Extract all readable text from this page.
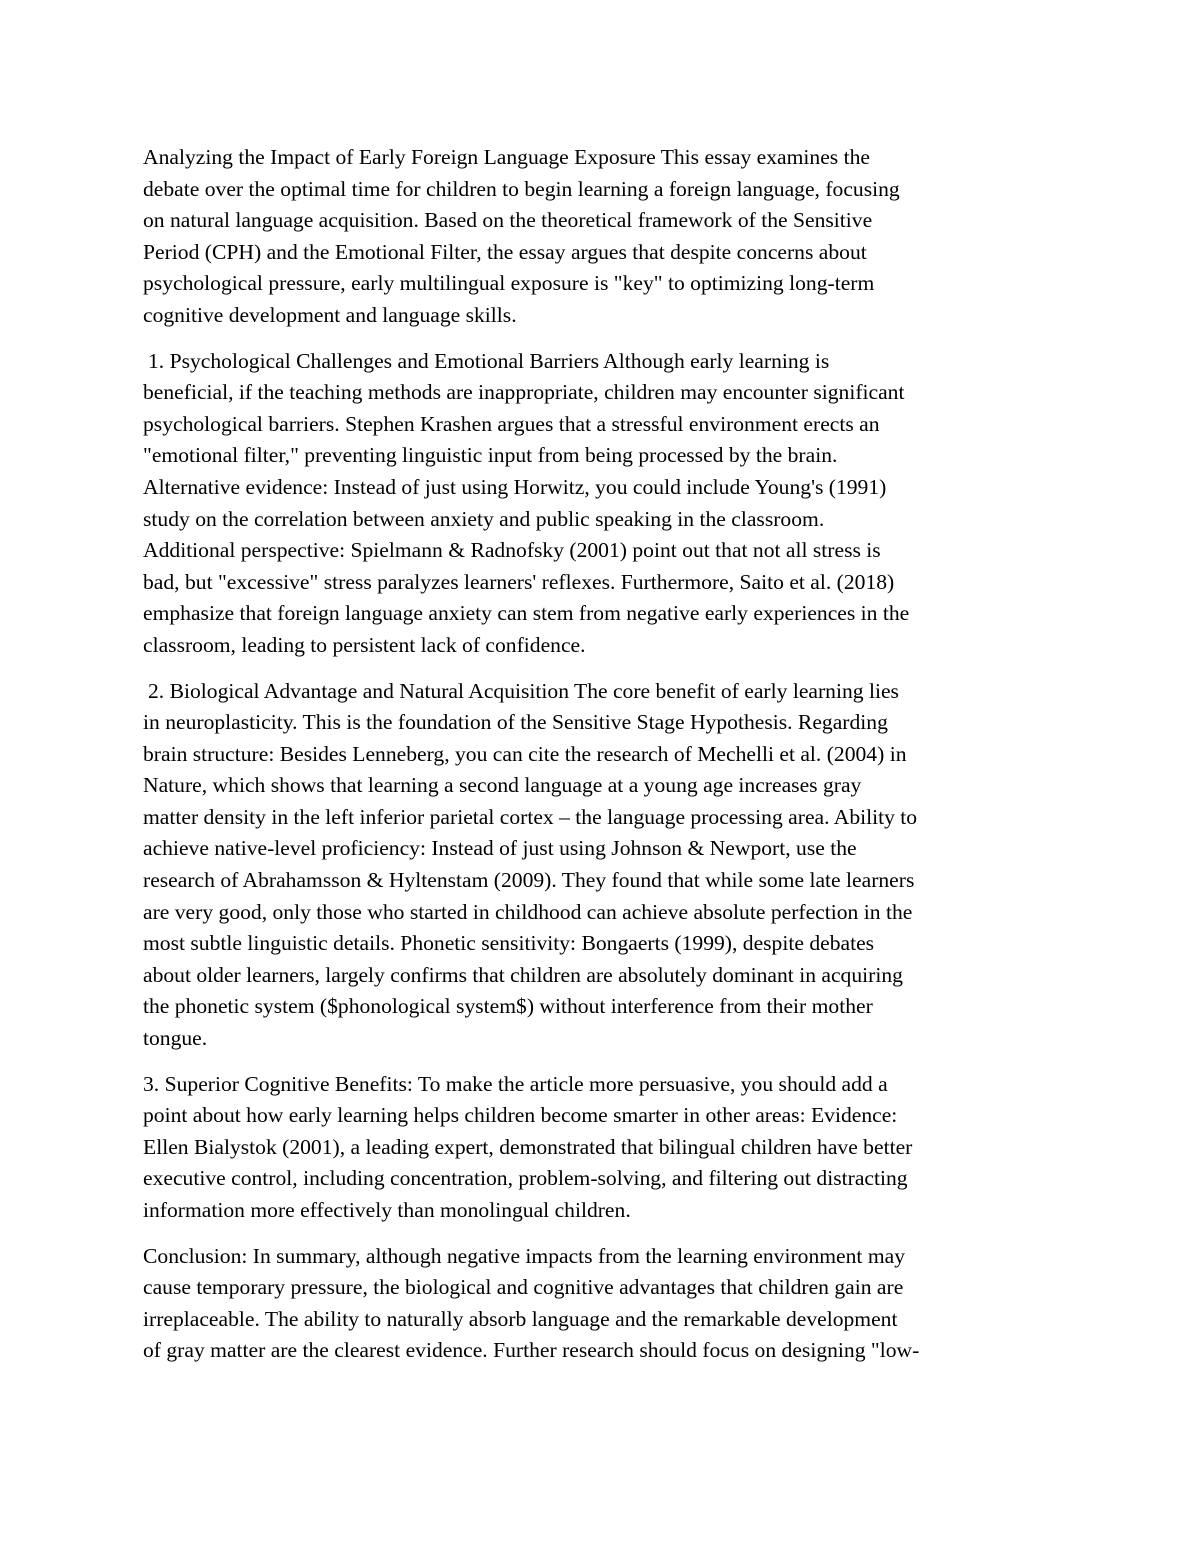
Analyzing the Impact of Early Foreign Language Exposure This essay examines the
debate over the optimal time for children to begin learning a foreign language, focusing
on natural language acquisition. Based on the theoretical framework of the Sensitive
Period (CPH) and the Emotional Filter, the essay argues that despite concerns about
psychological pressure, early multilingual exposure is "key" to optimizing long-term
cognitive development and language skills.

1. Psychological Challenges and Emotional Barriers Although early learning is
beneficial, if the teaching methods are inappropriate, children may encounter significant
psychological barriers. Stephen Krashen argues that a stressful environment erects an
"emotional filter," preventing linguistic input from being processed by the brain.
Alternative evidence: Instead of just using Horwitz, you could include Young's (1991)
study on the correlation between anxiety and public speaking in the classroom.
Additional perspective: Spielmann & Radnofsky (2001) point out that not all stress is
bad, but "excessive" stress paralyzes learners' reflexes. Furthermore, Saito et al. (2018)
emphasize that foreign language anxiety can stem from negative early experiences in the
classroom, leading to persistent lack of confidence.

2. Biological Advantage and Natural Acquisition The core benefit of early learning lies
in neuroplasticity. This is the foundation of the Sensitive Stage Hypothesis. Regarding
brain structure: Besides Lenneberg, you can cite the research of Mechelli et al. (2004) in
Nature, which shows that learning a second language at a young age increases gray
matter density in the left inferior parietal cortex – the language processing area. Ability to
achieve native-level proficiency: Instead of just using Johnson & Newport, use the
research of Abrahamsson & Hyltenstam (2009). They found that while some late learners
are very good, only those who started in childhood can achieve absolute perfection in the
most subtle linguistic details. Phonetic sensitivity: Bongaerts (1999), despite debates
about older learners, largely confirms that children are absolutely dominant in acquiring
the phonetic system ($phonological system$) without interference from their mother
tongue.

3. Superior Cognitive Benefits: To make the article more persuasive, you should add a
point about how early learning helps children become smarter in other areas: Evidence:
Ellen Bialystok (2001), a leading expert, demonstrated that bilingual children have better
executive control, including concentration, problem-solving, and filtering out distracting
information more effectively than monolingual children.

Conclusion: In summary, although negative impacts from the learning environment may
cause temporary pressure, the biological and cognitive advantages that children gain are
irreplaceable. The ability to naturally absorb language and the remarkable development
of gray matter are the clearest evidence. Further research should focus on designing "low-
